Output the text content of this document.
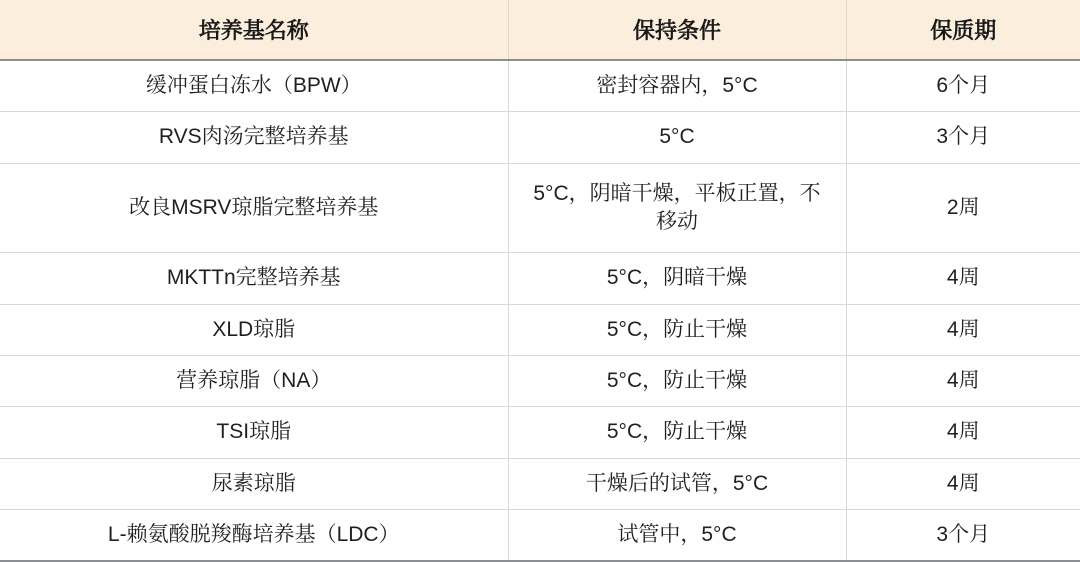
培养基名称	保持条件	保质期
缓冲蛋白冻水（BPW）	密封容器内，5°C	6个月
RVS肉汤完整培养基	5°C	3个月
改良MSRV琼脂完整培养基	5°C，阴暗干燥，平板正置，不移动	2周
MKTTn完整培养基	5°C，阴暗干燥	4周
XLD琼脂	5°C，防止干燥	4周
营养琼脂（NA）	5°C，防止干燥	4周
TSI琼脂	5°C，防止干燥	4周
尿素琼脂	干燥后的试管，5°C	4周
L-赖氨酸脱羧酶培养基（LDC）	试管中，5°C	3个月
